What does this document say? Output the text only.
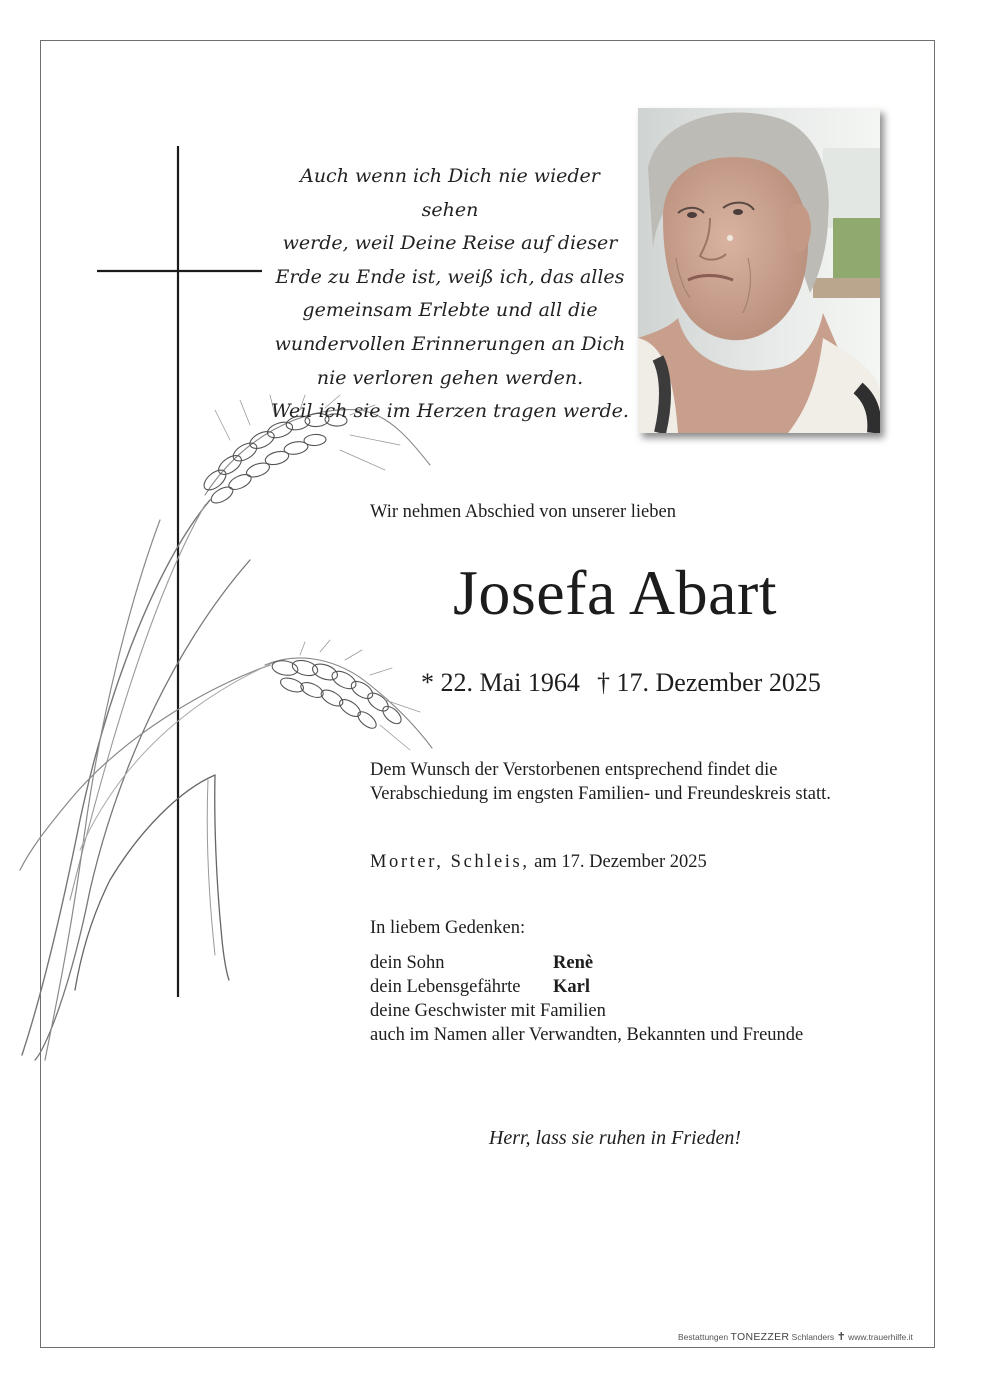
Auch wenn ich Dich nie wieder sehen
werde, weil Deine Reise auf dieser
Erde zu Ende ist, weiß ich, das alles
gemeinsam Erlebte und all die
wundervollen Erinnerungen an Dich
nie verloren gehen werden.
Weil ich sie im Herzen tragen werde.
Wir nehmen Abschied von unserer lieben
Josefa Abart
* 22. Mai 1964 † 17. Dezember 2025
Dem Wunsch der Verstorbenen entsprechend findet die
Verabschiedung im engsten Familien- und Freundeskreis statt.
Morter, Schleis, am 17. Dezember 2025
In liebem Gedenken:
dein Sohn	Renè
dein Lebensgefährte Karl
deine Geschwister mit Familien
auch im Namen aller Verwandten, Bekannten und Freunde
Herr, lass sie ruhen in Frieden!
Bestattungen TONEZZER Schlanders ✝ www.trauerhilfe.it
